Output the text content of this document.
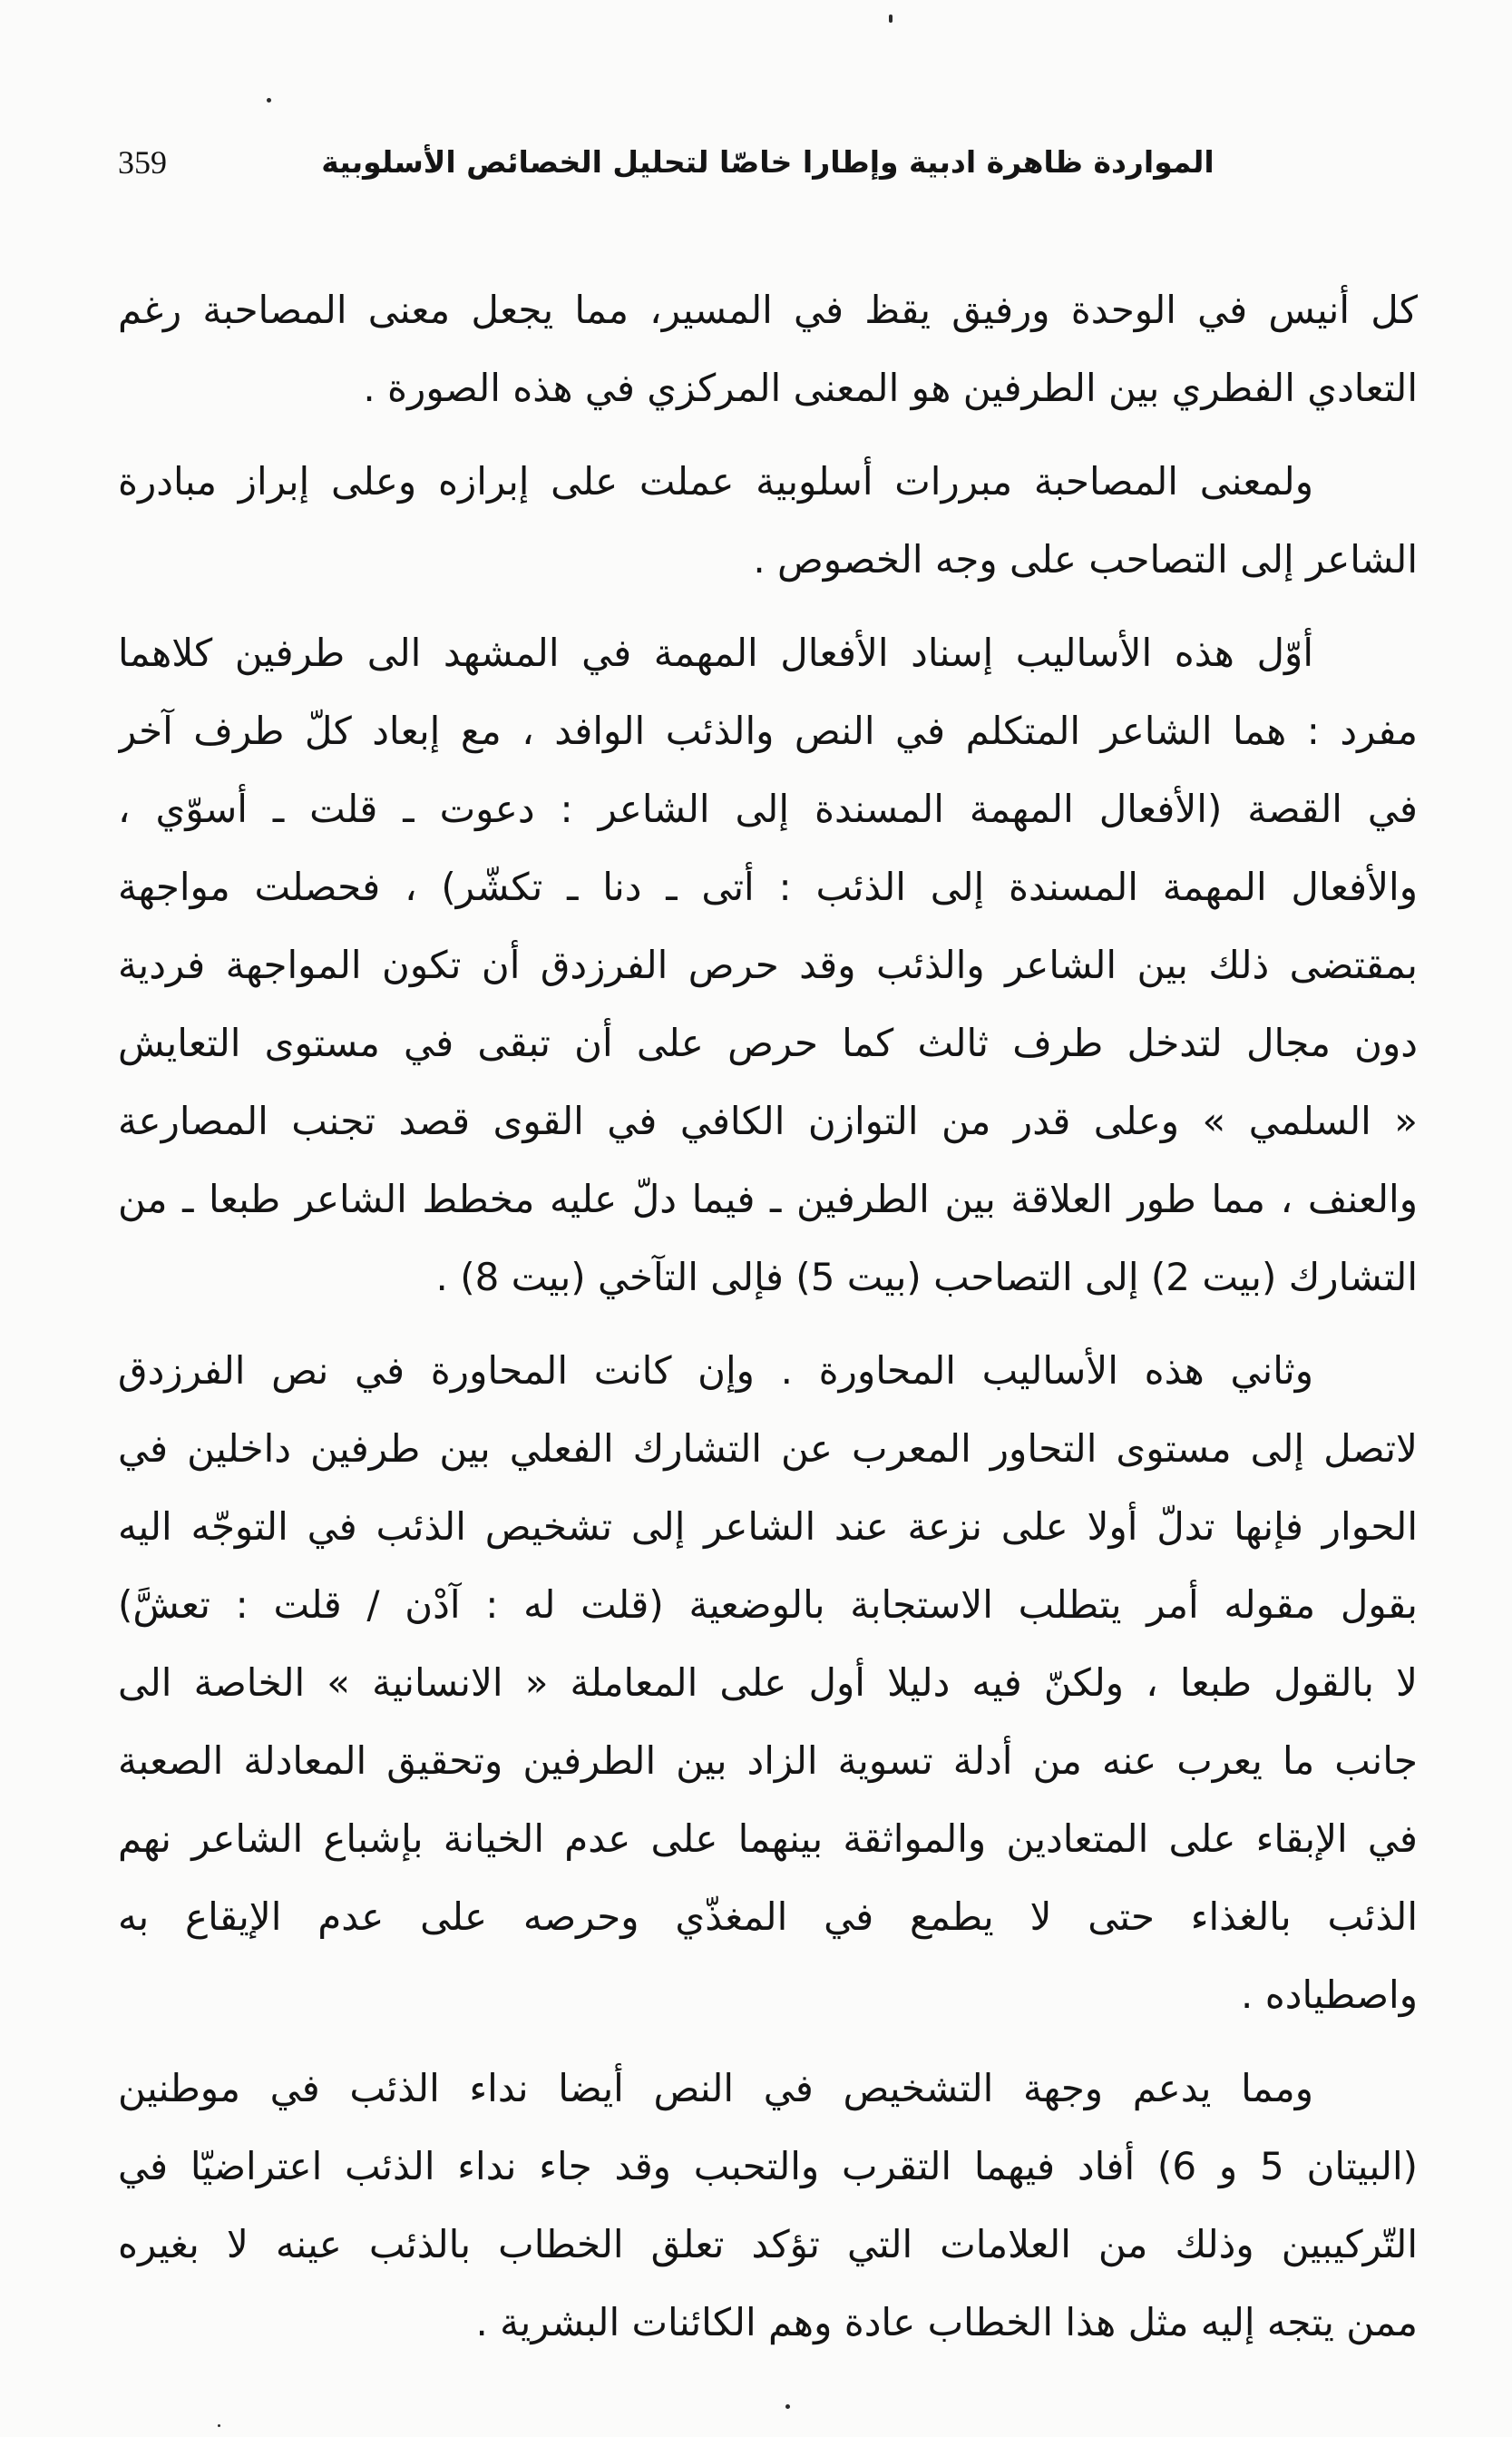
359	المواردة ظاهرة ادبية وإطارا خاصّا لتحليل الخصائص الأسلوبية
كل أنيس في الوحدة ورفيق يقظ في المسير، مما يجعل معنى المصاحبة رغم
التعادي الفطري بين الطرفين هو المعنى المركزي في هذه الصورة .
ولمعنى المصاحبة مبررات أسلوبية عملت على إبرازه وعلى إبراز مبادرة
الشاعر إلى التصاحب على وجه الخصوص .
أوّل هذه الأساليب إسناد الأفعال المهمة في المشهد الى طرفين كلاهما
مفرد : هما الشاعر المتكلم في النص والذئب الوافد ، مع إبعاد كلّ طرف آخر
في القصة (الأفعال المهمة المسندة إلى الشاعر : دعوت ـ قلت ـ أسوّي ،
والأفعال المهمة المسندة إلى الذئب : أتى ـ دنا ـ تكشّر) ، فحصلت مواجهة
بمقتضى ذلك بين الشاعر والذئب وقد حرص الفرزدق أن تكون المواجهة فردية
دون مجال لتدخل طرف ثالث كما حرص على أن تبقى في مستوى التعايش
« السلمي » وعلى قدر من التوازن الكافي في القوى قصد تجنب المصارعة
والعنف ، مما طور العلاقة بين الطرفين ـ فيما دلّ عليه مخطط الشاعر طبعا ـ من
التشارك (بيت 2) إلى التصاحب (بيت 5) فإلى التآخي (بيت 8) .
وثاني هذه الأساليب المحاورة . وإن كانت المحاورة في نص الفرزدق
لاتصل إلى مستوى التحاور المعرب عن التشارك الفعلي بين طرفين داخلين في
الحوار فإنها تدلّ أولا على نزعة عند الشاعر إلى تشخيص الذئب في التوجّه اليه
بقول مقوله أمر يتطلب الاستجابة بالوضعية (قلت له : آدْن / قلت : تعشَّ)
لا بالقول طبعا ، ولكنّ فيه دليلا أول على المعاملة « الانسانية » الخاصة الى
جانب ما يعرب عنه من أدلة تسوية الزاد بين الطرفين وتحقيق المعادلة الصعبة
في الإبقاء على المتعادين والمواثقة بينهما على عدم الخيانة بإشباع الشاعر نهم
الذئب بالغذاء حتى لا يطمع في المغذّي وحرصه على عدم الإيقاع به
واصطياده .
ومما يدعم وجهة التشخيص في النص أيضا نداء الذئب في موطنين
(البيتان 5 و 6) أفاد فيهما التقرب والتحبب وقد جاء نداء الذئب اعتراضيّا في
التّركيبين وذلك من العلامات التي تؤكد تعلق الخطاب بالذئب عينه لا بغيره
ممن يتجه إليه مثل هذا الخطاب عادة وهم الكائنات البشرية .
